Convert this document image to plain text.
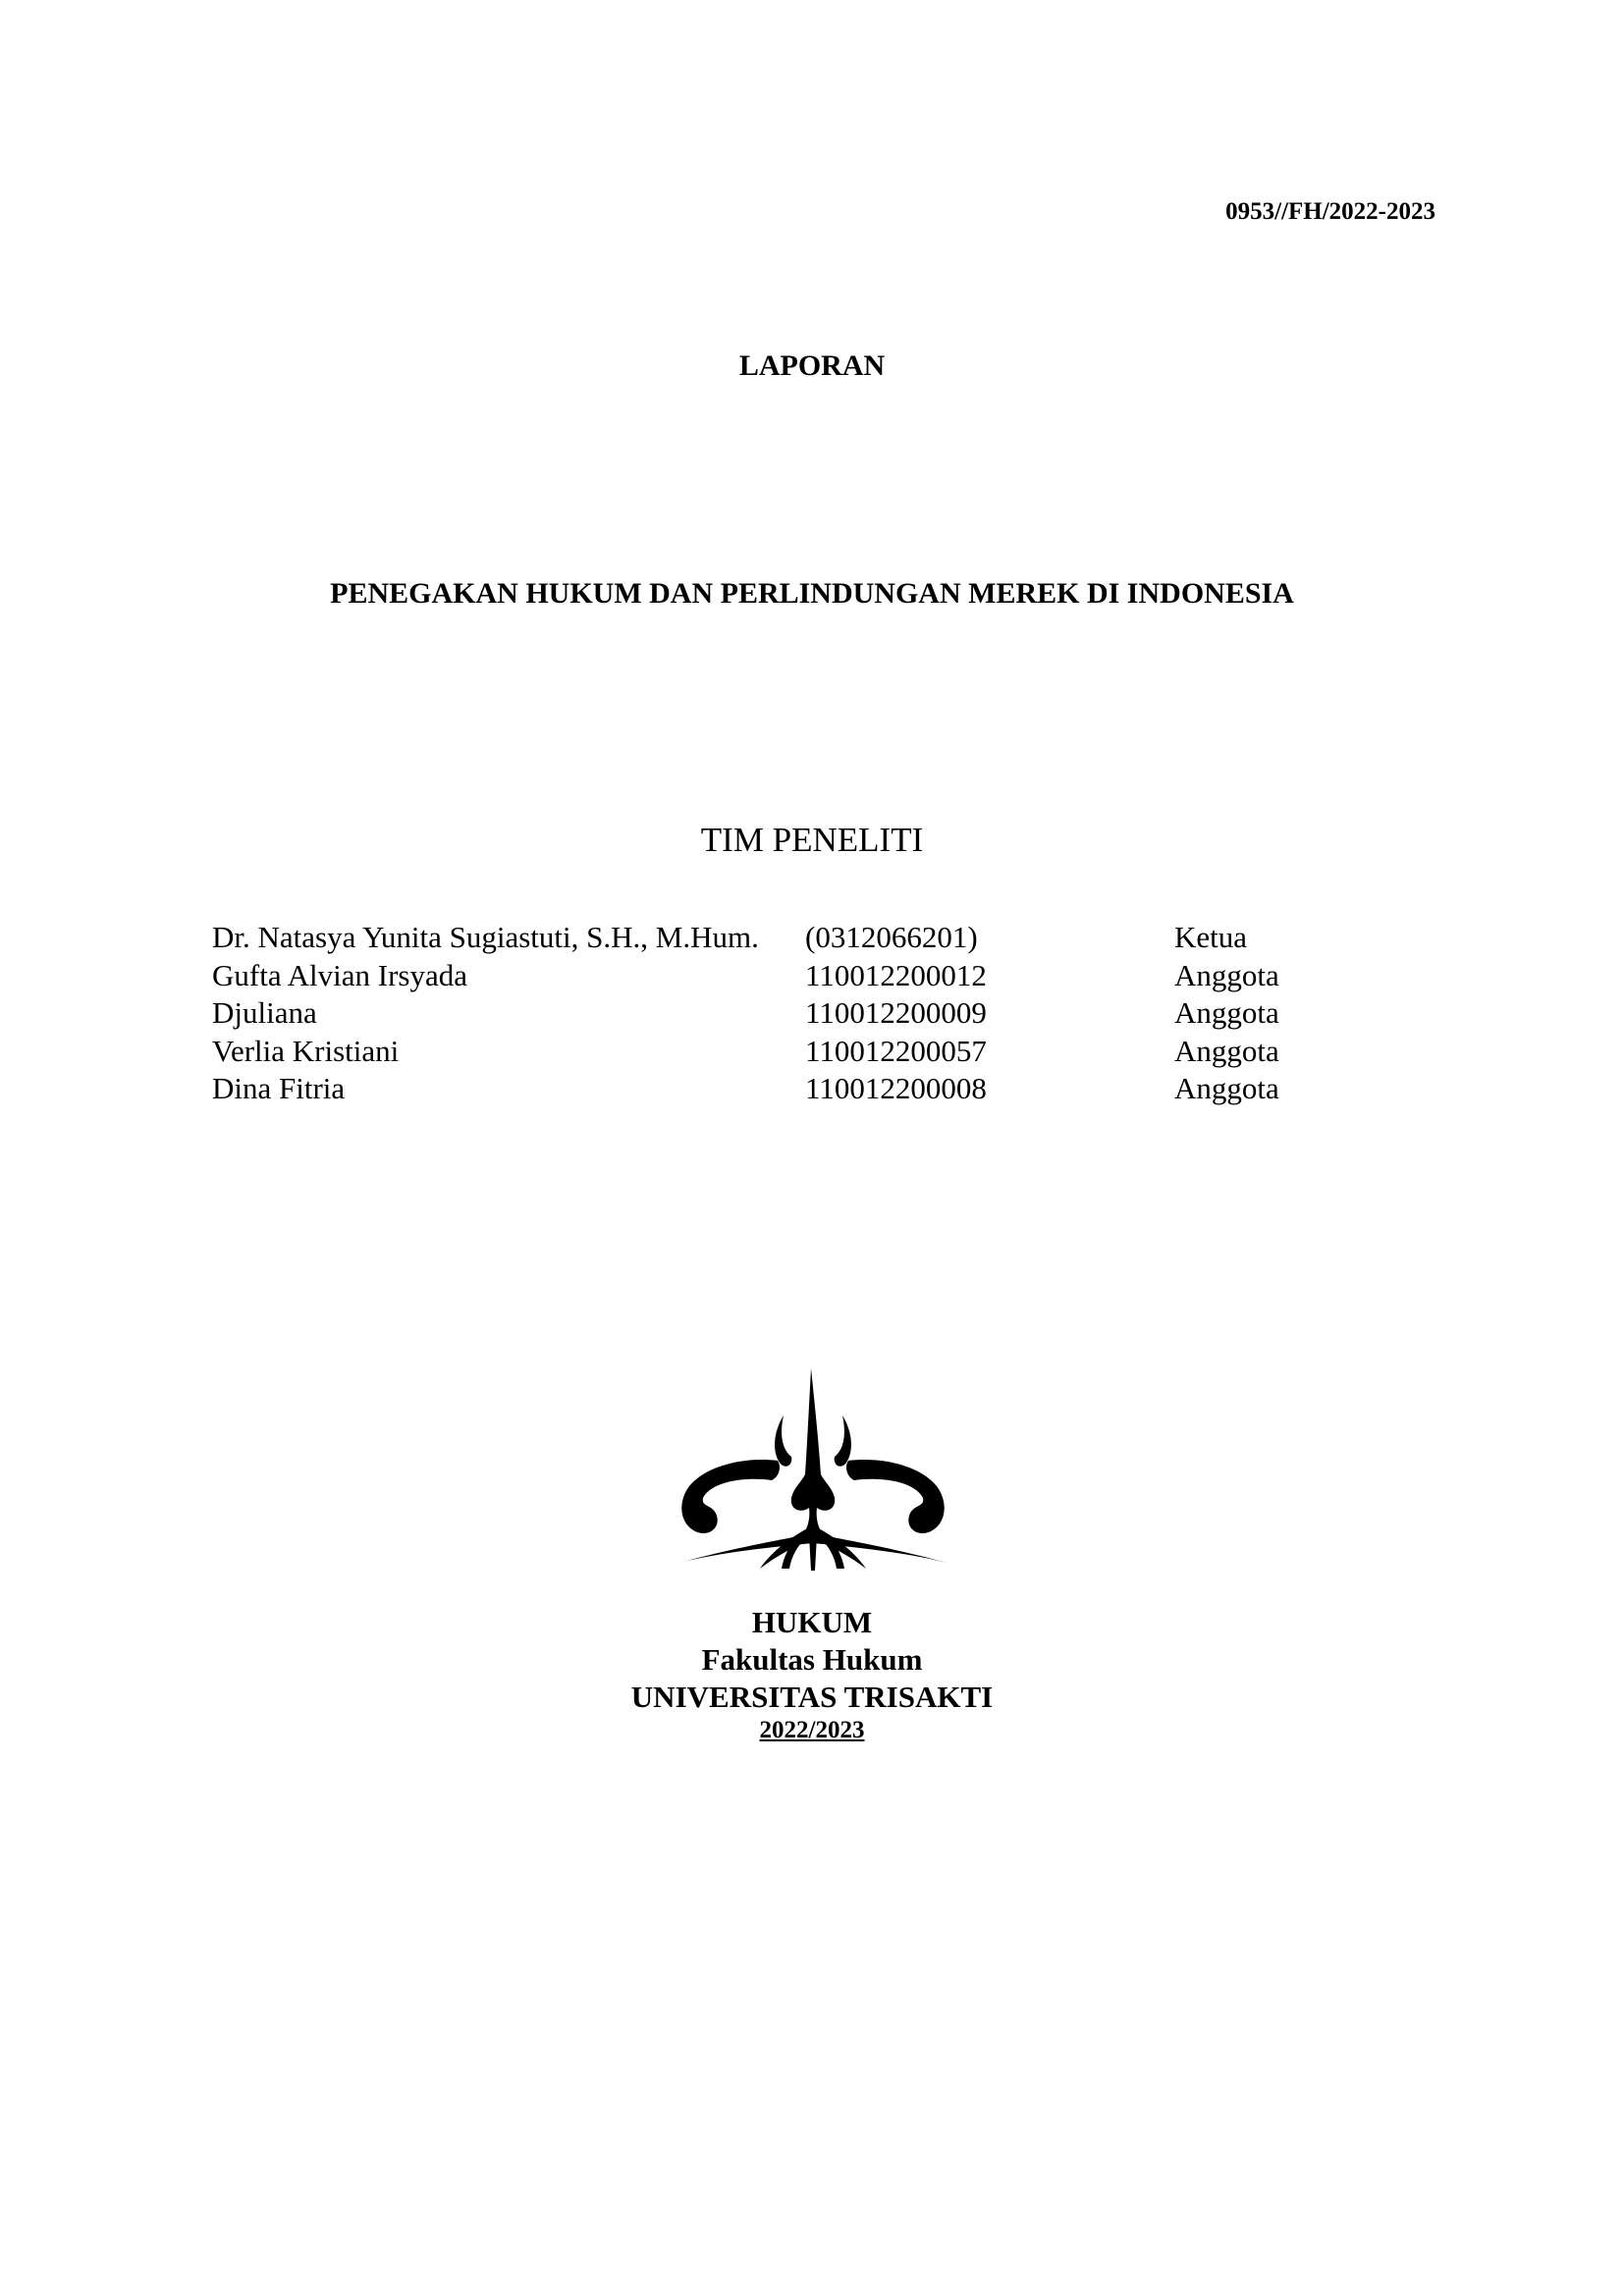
0953//FH/2022-2023
LAPORAN
PENEGAKAN HUKUM DAN PERLINDUNGAN MEREK DI INDONESIA
TIM PENELITI
Dr. Natasya Yunita Sugiastuti, S.H., M.Hum.	(0312066201)	Ketua
Gufta Alvian Irsyada	110012200012	Anggota
Djuliana	110012200009	Anggota
Verlia Kristiani	110012200057	Anggota
Dina Fitria	110012200008	Anggota
HUKUM
Fakultas Hukum
UNIVERSITAS TRISAKTI
2022/2023
